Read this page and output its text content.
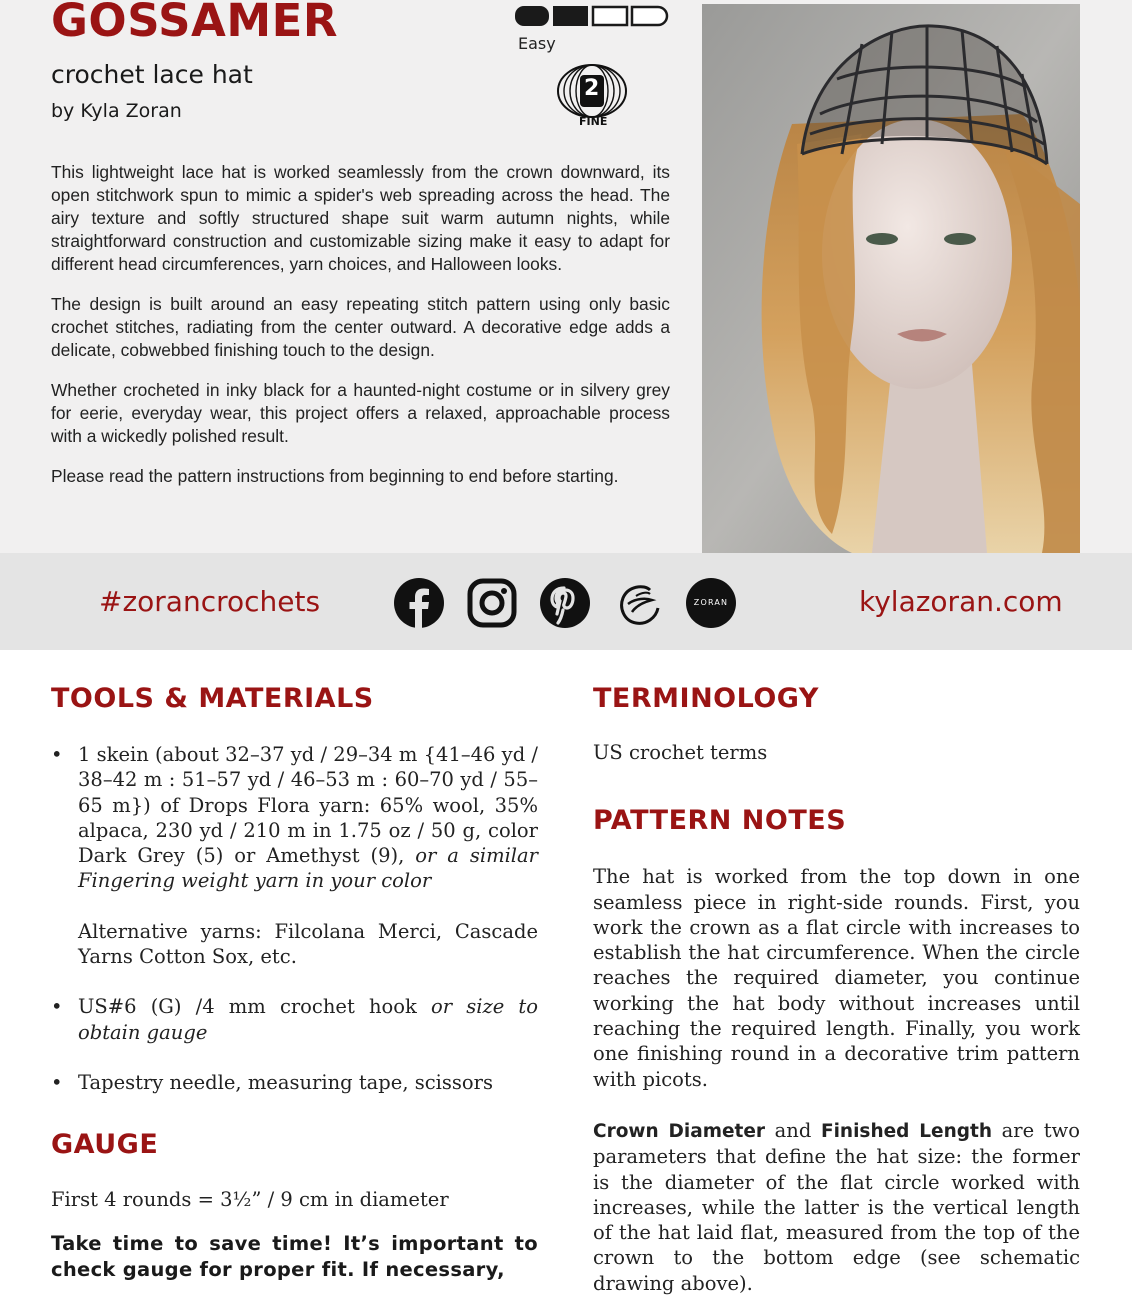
GOSSAMER
crochet lace hat
by Kyla Zoran
Easy
2
FINE

This lightweight lace hat is worked seamlessly from the crown downward, its open stitchwork spun to mimic a spider's web spreading across the head. The airy texture and softly structured shape suit warm autumn nights, while straightforward construction and customizable sizing make it easy to adapt for different head circumferences, yarn choices, and Halloween looks.

The design is built around an easy repeating stitch pattern using only basic crochet stitches, radiating from the center outward. A decorative edge adds a delicate, cobwebbed finishing touch to the design.

Whether crocheted in inky black for a haunted-night costume or in silvery grey for eerie, everyday wear, this project offers a relaxed, approachable process with a wickedly polished result.

Please read the pattern instructions from beginning to end before starting.

#zorancrochets	ZORAN	kylazoran.com
TOOLS & MATERIALS
• 1 skein (about 32–37 yd / 29–34 m {41–46 yd / 38–42 m : 51–57 yd / 46–53 m : 60–70 yd / 55–65 m}) of Drops Flora yarn: 65% wool, 35% alpaca, 230 yd / 210 m in 1.75 oz / 50 g, color Dark Grey (5) or Amethyst (9), or a similar Fingering weight yarn in your color
Alternative yarns: Filcolana Merci, Cascade Yarns Cotton Sox, etc.
• US#6 (G) /4 mm crochet hook or size to obtain gauge
• Tapestry needle, measuring tape, scissors
GAUGE
First 4 rounds = 3½” / 9 cm in diameter
Take time to save time! It’s important to check gauge for proper fit. If necessary,
TERMINOLOGY
US crochet terms
PATTERN NOTES
The hat is worked from the top down in one seamless piece in right-side rounds. First, you work the crown as a flat circle with increases to establish the hat circumference. When the circle reaches the required diameter, you continue working the hat body without increases until reaching the required length. Finally, you work one finishing round in a decorative trim pattern with picots.
Crown Diameter and Finished Length are two parameters that define the hat size: the former is the diameter of the flat circle worked with increases, while the latter is the vertical length of the hat laid flat, measured from the top of the crown to the bottom edge (see schematic drawing above).
